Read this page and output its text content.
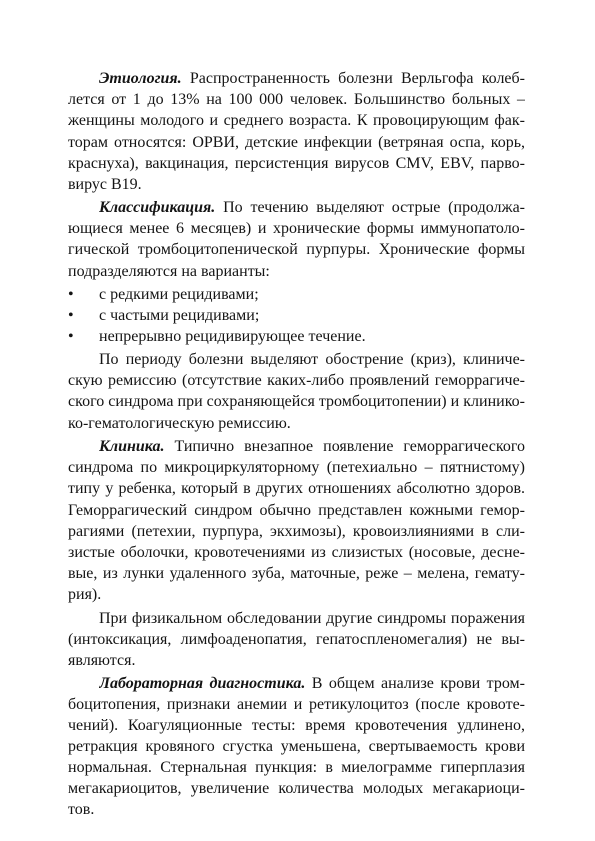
Этиология. Распространенность болезни Верльгофа колеб-
лется от 1 до 13% на 100 000 человек. Большинство больных –
женщины молодого и среднего возраста. К провоцирующим фак-
торам относятся: ОРВИ, детские инфекции (ветряная оспа, корь,
краснуха), вакцинация, персистенция вирусов CMV, EBV, парво-
вирус B19.
Классификация. По течению выделяют острые (продолжа-
ющиеся менее 6 месяцев) и хронические формы иммунопатоло-
гической тромбоцитопенической пурпуры. Хронические формы
подразделяются на варианты:
•	с редкими рецидивами;
•	с частыми рецидивами;
•	непрерывно рецидивирующее течение.
По периоду болезни выделяют обострение (криз), клиниче-
скую ремиссию (отсутствие каких-либо проявлений геморрагиче-
ского синдрома при сохраняющейся тромбоцитопении) и клинико-
ко-гематологическую ремиссию.
Клиника. Типично внезапное появление геморрагического
синдрома по микроциркуляторному (петехиально – пятнистому)
типу у ребенка, который в других отношениях абсолютно здоров.
Геморрагический синдром обычно представлен кожными гемор-
рагиями (петехии, пурпура, экхимозы), кровоизлияниями в сли-
зистые оболочки, кровотечениями из слизистых (носовые, десне-
вые, из лунки удаленного зуба, маточные, реже – мелена, гемату-
рия).
При физикальном обследовании другие синдромы поражения
(интоксикация, лимфоаденопатия, гепатоспленомегалия) не вы-
являются.
Лабораторная диагностика. В общем анализе крови тром-
боцитопения, признаки анемии и ретикулоцитоз (после кровоте-
чений). Коагуляционные тесты: время кровотечения удлинено,
ретракция кровяного сгустка уменьшена, свертываемость крови
нормальная. Стернальная пункция: в миелограмме гиперплазия
мегакариоцитов, увеличение количества молодых мегакариоци-
тов.
